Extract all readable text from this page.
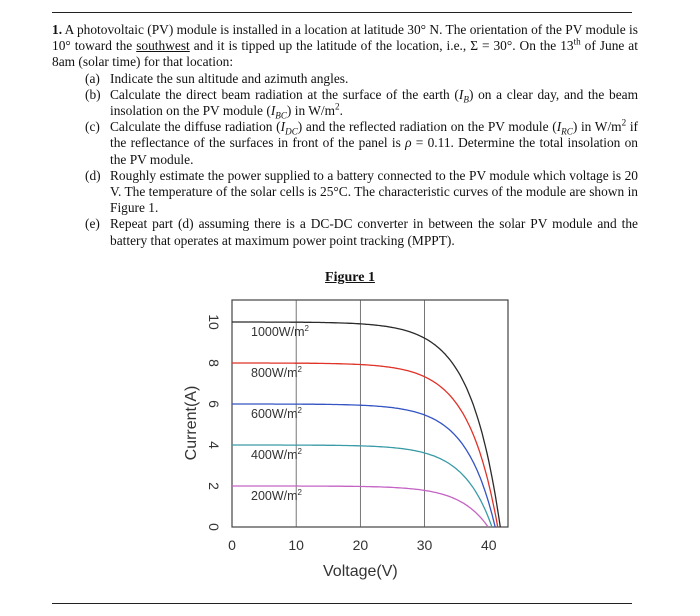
1. A photovoltaic (PV) module is installed in a location at latitude 30° N. The orientation of the PV module is 10° toward the southwest and it is tipped up the latitude of the location, i.e., Σ = 30°. On the 13th of June at 8am (solar time) for that location:

(a) Indicate the sun altitude and azimuth angles.
(b) Calculate the direct beam radiation at the surface of the earth $(I_B)$ on a clear day, and the beam insolation on the PV module $(I_{BC})$ in $W/m^2$.
(c) Calculate the diffuse radiation $(I_{DC})$ and the reflected radiation on the PV module $(I_{RC})$ in $W/m^2$ if the reflectance of the surfaces in front of the panel is ρ = 0.11. Determine the total insolation on the PV module.
(d) Roughly estimate the power supplied to a battery connected to the PV module which voltage is 20 V. The temperature of the solar cells is 25°C. The characteristic curves of the module are shown in Figure 1.
(e) Repeat part (d) assuming there is a DC-DC converter in between the solar PV module and the battery that operates at maximum power point tracking (MPPT).
Figure 1
0	10	20	30	40
0
2
4
6
8
10
Voltage(V)
Current(A)
$1000W/m^2$
$800W/m^2$
$600W/m^2$
$400W/m^2$
$200W/m^2$
